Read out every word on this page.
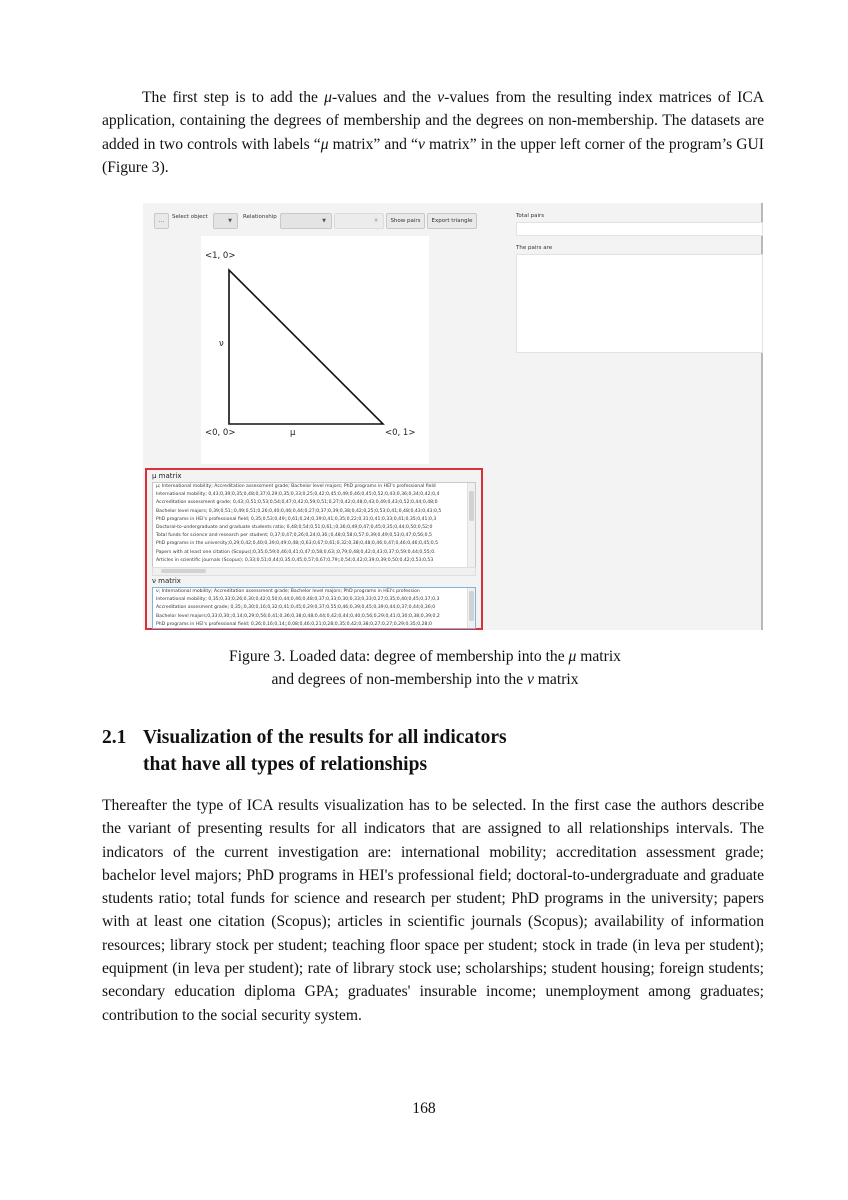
The first step is to add the μ-values and the ν-values from the resulting index matrices of ICA application, containing the degrees of membership and the degrees on non-membership. The datasets are added in two controls with labels “μ matrix” and “ν matrix” in the upper left corner of the program’s GUI (Figure 3).

...
Select object
▼
Relationship
▼	▼	Show pairs	Export triangle
<1, 0>
ν
<0, 0>	μ	<0, 1>
Total pairs
The pairs are
μ matrix
μ; International mobility; Accreditation assessment grade; Bachelor level majors; PhD programs in HEI's professional field
International mobility; 0,43;0,39;0,35;0,48;0,37;0,29;0,35;0,33;0,25;0,42;0,45;0,49;0,46;0,45;0,52;0,43;0,36;0,34;0,42;0,4
Accreditation assessment grade; 0,43;;0,51;0,53;0,54;0,47;0,42;0,59;0,51;0,27;0,42;0,48;0,43;0,49;0,43;0,52;0,44;0,48;0
Bachelor level majors; 0,39;0,51;;0,49;0,51;0,26;0,40;0,46;0,44;0,27;0,37;0,39;0,38;0,42;0,25;0,53;0,41;0,48;0,43;0,43;0,5
PhD programs in HEI's professional field; 0,35;0,53;0,49;;0,61;0,24;0,39;0,41;0,35;0,22;0,31;0,41;0,33;0,41;0,35;0,41;0,3
Doctoral-to-undergraduate and graduate students ratio; 0,48;0,54;0,51;0,61;;0,36;0,49;0,47;0,45;0,35;0,44;0,50;0,52;0
Total funds for science and research per student; 0,37;0,47;0,26;0,24;0,36;;0,48;0,58;0,57;0,39;0,49;0,53;0,47;0,56;0,5
PhD programs in the university;0,29;0,42;0,40;0,39;0,49;0,48;;0,63;0,67;0,61;0,32;0,38;0,48;0,46;0,47;0,46;0,46;0,45;0,5
Papers with at least one citation (Scopus);0,35;0,59;0,46;0,41;0,47;0,58;0,63;;0,79;0,48;0,42;0,43;0,37;0,59;0,44;0,55;0.
Articles in scientific journals (Scopus); 0,33;0,51;0,44;0,35;0,45;0,57;0,67;0,79;;0,54;0,42;0,39;0,39;0,50;0,42;0,53;0,53
ν matrix
ν; International mobility; Accreditation assessment grade; Bachelor level majors; PhD programs in HEI's profession
International mobility; 0,35;0,33;0,26;0,30;0,42;0,50;0,44;0,46;0,48;0,37;0,33;0,30;0,33;0,33;0,27;0,35;0,40;0,45;0,37;0,3
Accreditation assesment grade; 0,35;;0,30;0,16;0,32;0,41;0,45;0,29;0,37;0,55;0,46;0,39;0,45;0,39;0,44;0,37;0,44;0,36;0
Bachelor level majors;0,33;0,30;;0,14;0,29;0,56;0,41;0,36;0,38;0,48;0,44;0,42;0,44;0,40;0,56;0,29;0,41;0,30;0,38;0,39;0,2
PhD programs in HEI's professional field; 0,26;0,16;0,14;;0,08;0,46;0,21;0,28;0,35;0,42;0,38;0,27;0,27;0,29;0,35;0,28;0
Figure 3. Loaded data: degree of membership into the μ matrix
and degrees of non-membership into the ν matrix
2.1 Visualization of the results for all indicators
that have all types of relationships

Thereafter the type of ICA results visualization has to be selected. In the first case the authors describe the variant of presenting results for all indicators that are assigned to all relationships intervals. The indicators of the current investigation are: international mobility; accreditation assessment grade; bachelor level majors; PhD programs in HEI's professional field; doctoral-to-undergraduate and graduate students ratio; total funds for science and research per student; PhD programs in the university; papers with at least one citation (Scopus); articles in scientific journals (Scopus); availability of information resources; library stock per student; teaching floor space per student; stock in trade (in leva per student); equipment (in leva per student); rate of library stock use; scholarships; student housing; foreign students; secondary education diploma GPA; graduates' insurable income; unemployment among graduates; contribution to the social security system.

168
